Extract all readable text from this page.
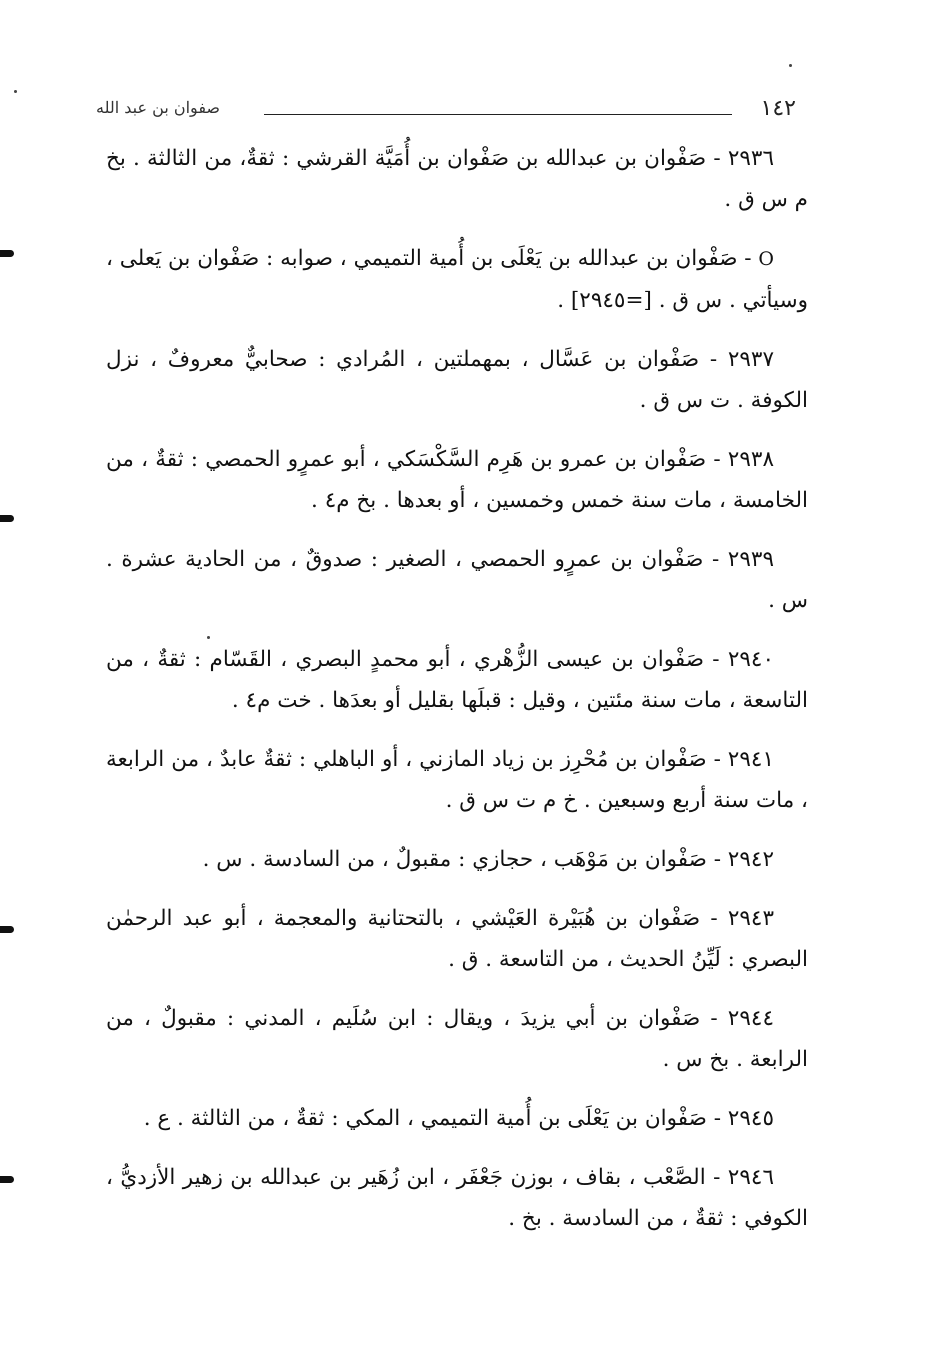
١٤٢
صفوان بن عبد الله

٢٩٣٦ - صَفْوان بن عبدالله بن صَفْوان بن أُمَيَّة القرشي : ثقةٌ، من الثالثة . بخ م س ق .

O - صَفْوان بن عبدالله بن يَعْلَى بن أُمية التميمي ، صوابه : صَفْوان بن يَعلى ، وسيأتي . س ق . [=٢٩٤٥] .

٢٩٣٧ - صَفْوان بن عَسَّال ، بمهملتين ، المُرادي : صحابيٌّ معروفٌ ، نزل الكوفة . ت س ق .

٢٩٣٨ - صَفْوان بن عمرو بن هَرِم السَّكْسَكي ، أبو عمرٍو الحمصي : ثقةٌ ، من الخامسة ، مات سنة خمس وخمسين ، أو بعدها . بخ م٤ .

٢٩٣٩ - صَفْوان بن عمرٍو الحمصي ، الصغير : صدوقٌ ، من الحادية عشرة . س .

٢٩٤٠ - صَفْوان بن عيسى الزُّهْري ، أبو محمدٍ البصري ، القَسّام : ثقةٌ ، من التاسعة ، مات سنة مئتين ، وقيل : قبلَها بقليل أو بعدَها . خت م٤ .

٢٩٤١ - صَفْوان بن مُحْرِز بن زياد المازني ، أو الباهلي : ثقةٌ عابدٌ ، من الرابعة ، مات سنة أربع وسبعين . خ م ت س ق .

٢٩٤٢ - صَفْوان بن مَوْهَب ، حجازي : مقبولٌ ، من السادسة . س .

٢٩٤٣ - صَفْوان بن هُبَيْرة العَيْشي ، بالتحتانية والمعجمة ، أبو عبد الرحمٰن البصري : لَيِّنُ الحديث ، من التاسعة . ق .

٢٩٤٤ - صَفْوان بن أبي يزيدَ ، ويقال : ابن سُلَيم ، المدني : مقبولٌ ، من الرابعة . بخ س .

٢٩٤٥ - صَفْوان بن يَعْلَى بن أُمية التميمي ، المكي : ثقةٌ ، من الثالثة . ع .

٢٩٤٦ - الصَّعْب ، بقاف ، بوزن جَعْفَر ، ابن زُهَير بن عبدالله بن زهير الأزديُّ ، الكوفي : ثقةٌ ، من السادسة . بخ .
